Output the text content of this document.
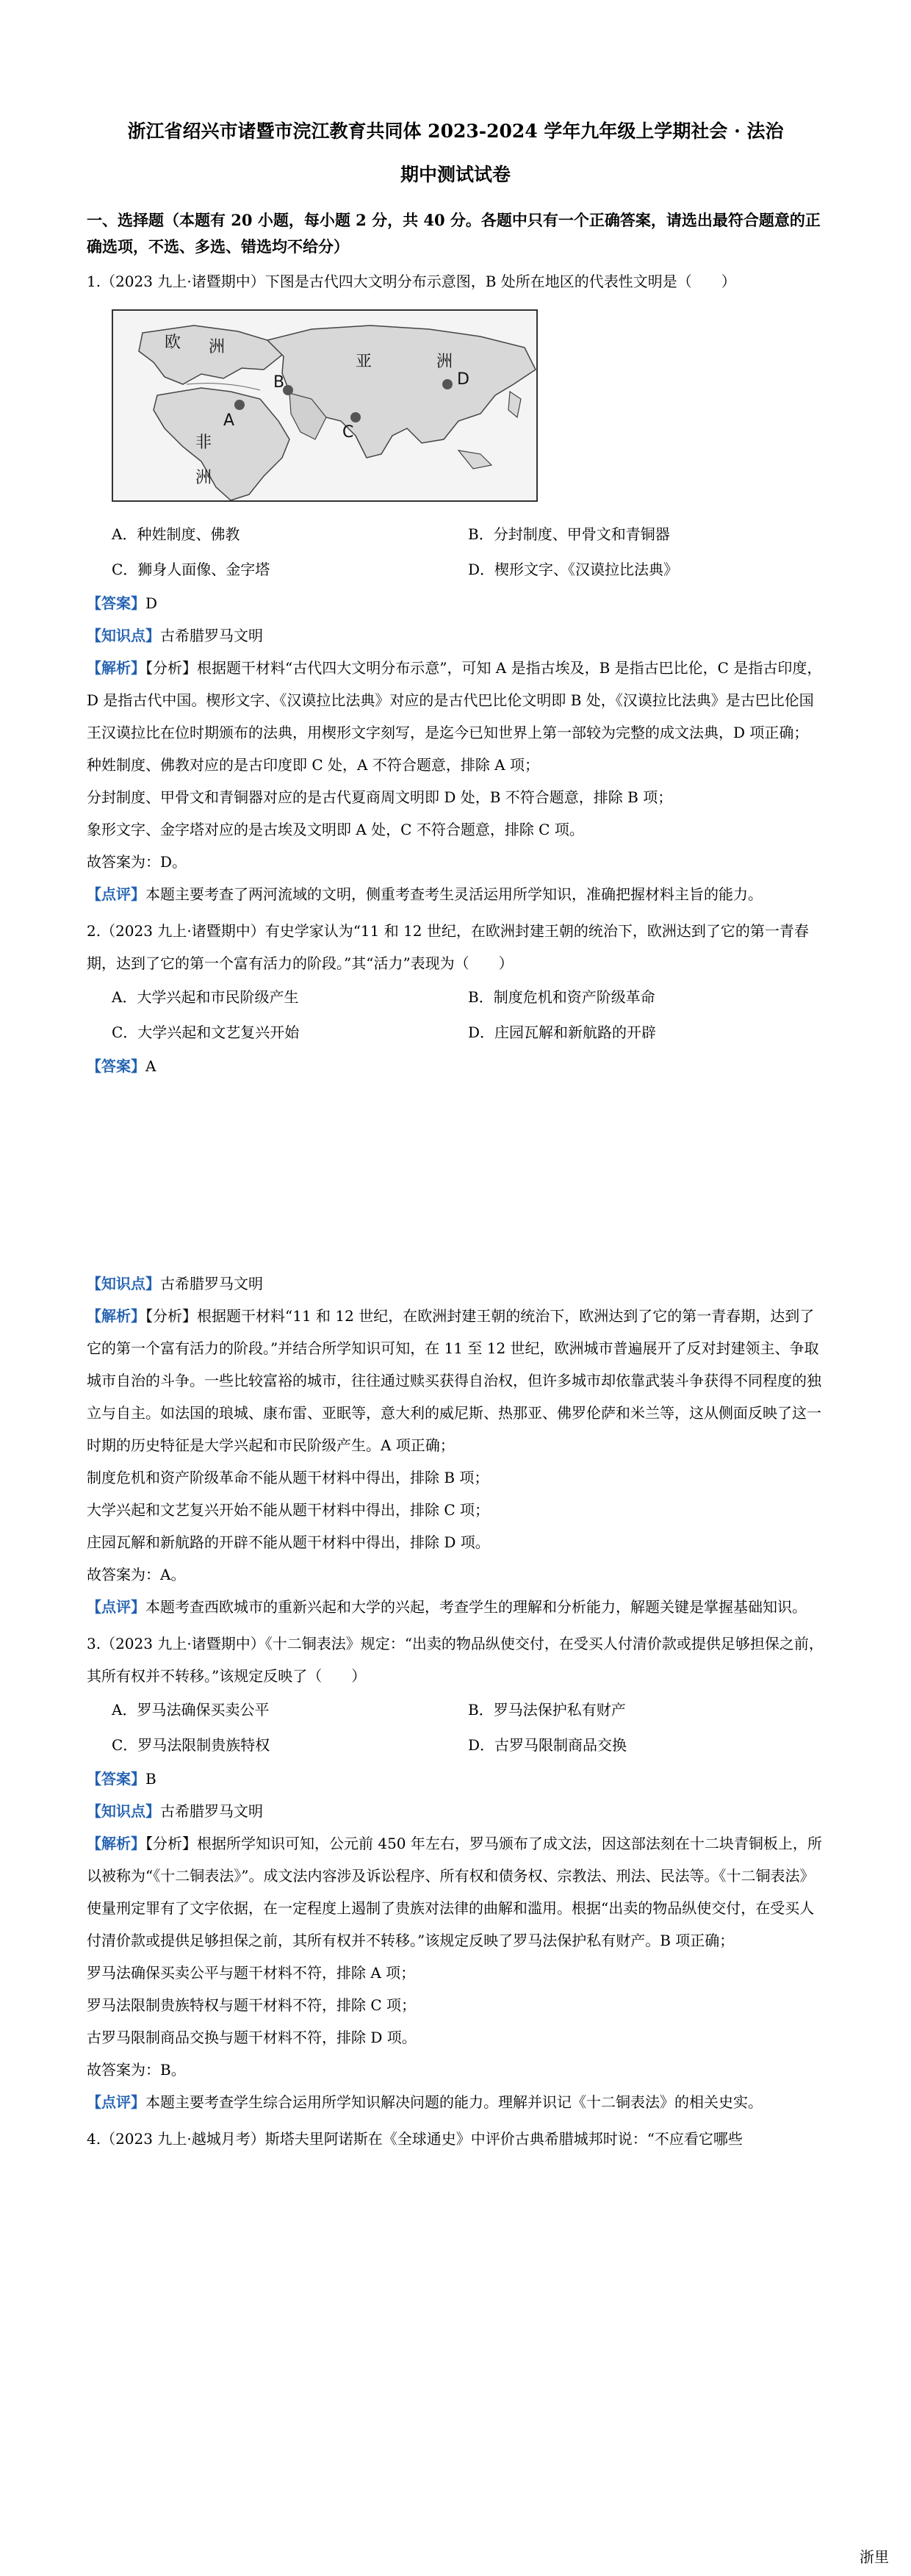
浙江省绍兴市诸暨市浣江教育共同体 2023-2024 学年九年级上学期社会 · 法治
期中测试试卷
一、选择题（本题有 20 小题，每小题 2 分，共 40 分。各题中只有一个正确答案，请选出最符合题意的正确选项，不选、多选、错选均不给分）
1.（2023 九上·诸暨期中）下图是古代四大文明分布示意图，B 处所在地区的代表性文明是（　　）
欧 洲
亚	洲
非
洲
A
B
C
D
A．种姓制度、佛教	B．分封制度、甲骨文和青铜器
C．狮身人面像、金字塔	D．楔形文字、《汉谟拉比法典》
【答案】D
【知识点】古希腊罗马文明
【解析】【分析】根据题干材料“古代四大文明分布示意”，可知 A 是指古埃及，B 是指古巴比伦，C 是指古印度，D 是指古代中国。楔形文字、《汉谟拉比法典》对应的是古代巴比伦文明即 B 处，《汉谟拉比法典》是古巴比伦国王汉谟拉比在位时期颁布的法典，用楔形文字刻写，是迄今已知世界上第一部较为完整的成文法典，D 项正确；
种姓制度、佛教对应的是古印度即 C 处，A 不符合题意，排除 A 项；
分封制度、甲骨文和青铜器对应的是古代夏商周文明即 D 处，B 不符合题意，排除 B 项；
象形文字、金字塔对应的是古埃及文明即 A 处，C 不符合题意，排除 C 项。
故答案为：D。
【点评】本题主要考查了两河流域的文明，侧重考查考生灵活运用所学知识，准确把握材料主旨的能力。
2.（2023 九上·诸暨期中）有史学家认为“11 和 12 世纪，在欧洲封建王朝的统治下，欧洲达到了它的第一青春期，达到了它的第一个富有活力的阶段。”其“活力”表现为（　　）
A．大学兴起和市民阶级产生	B．制度危机和资产阶级革命
C．大学兴起和文艺复兴开始	D．庄园瓦解和新航路的开辟
【答案】A
【知识点】古希腊罗马文明
【解析】【分析】根据题干材料“11 和 12 世纪，在欧洲封建王朝的统治下，欧洲达到了它的第一青春期，达到了它的第一个富有活力的阶段。”并结合所学知识可知，在 11 至 12 世纪，欧洲城市普遍展开了反对封建领主、争取城市自治的斗争。一些比较富裕的城市，往往通过赎买获得自治权，但许多城市却依靠武装斗争获得不同程度的独立与自主。如法国的琅城、康布雷、亚眠等，意大利的威尼斯、热那亚、佛罗伦萨和米兰等，这从侧面反映了这一时期的历史特征是大学兴起和市民阶级产生。A 项正确；
制度危机和资产阶级革命不能从题干材料中得出，排除 B 项；
大学兴起和文艺复兴开始不能从题干材料中得出，排除 C 项；
庄园瓦解和新航路的开辟不能从题干材料中得出，排除 D 项。
故答案为：A。
【点评】本题考查西欧城市的重新兴起和大学的兴起，考查学生的理解和分析能力，解题关键是掌握基础知识。
3.（2023 九上·诸暨期中）《十二铜表法》规定：“出卖的物品纵使交付，在受买人付清价款或提供足够担保之前，其所有权并不转移。”该规定反映了（　　）
A．罗马法确保买卖公平	B．罗马法保护私有财产
C．罗马法限制贵族特权	D．古罗马限制商品交换
【答案】B
【知识点】古希腊罗马文明
【解析】【分析】根据所学知识可知，公元前 450 年左右，罗马颁布了成文法，因这部法刻在十二块青铜板上，所以被称为“《十二铜表法》”。成文法内容涉及诉讼程序、所有权和债务权、宗教法、刑法、民法等。《十二铜表法》使量刑定罪有了文字依据，在一定程度上遏制了贵族对法律的曲解和滥用。根据“出卖的物品纵使交付，在受买人付清价款或提供足够担保之前，其所有权并不转移。”该规定反映了罗马法保护私有财产。B 项正确；
罗马法确保买卖公平与题干材料不符，排除 A 项；
罗马法限制贵族特权与题干材料不符，排除 C 项；
古罗马限制商品交换与题干材料不符，排除 D 项。
故答案为：B。
【点评】本题主要考查学生综合运用所学知识解决问题的能力。理解并识记《十二铜表法》的相关史实。
4.（2023 九上·越城月考）斯塔夫里阿诺斯在《全球通史》中评价古典希腊城邦时说：“不应看它哪些
浙里
